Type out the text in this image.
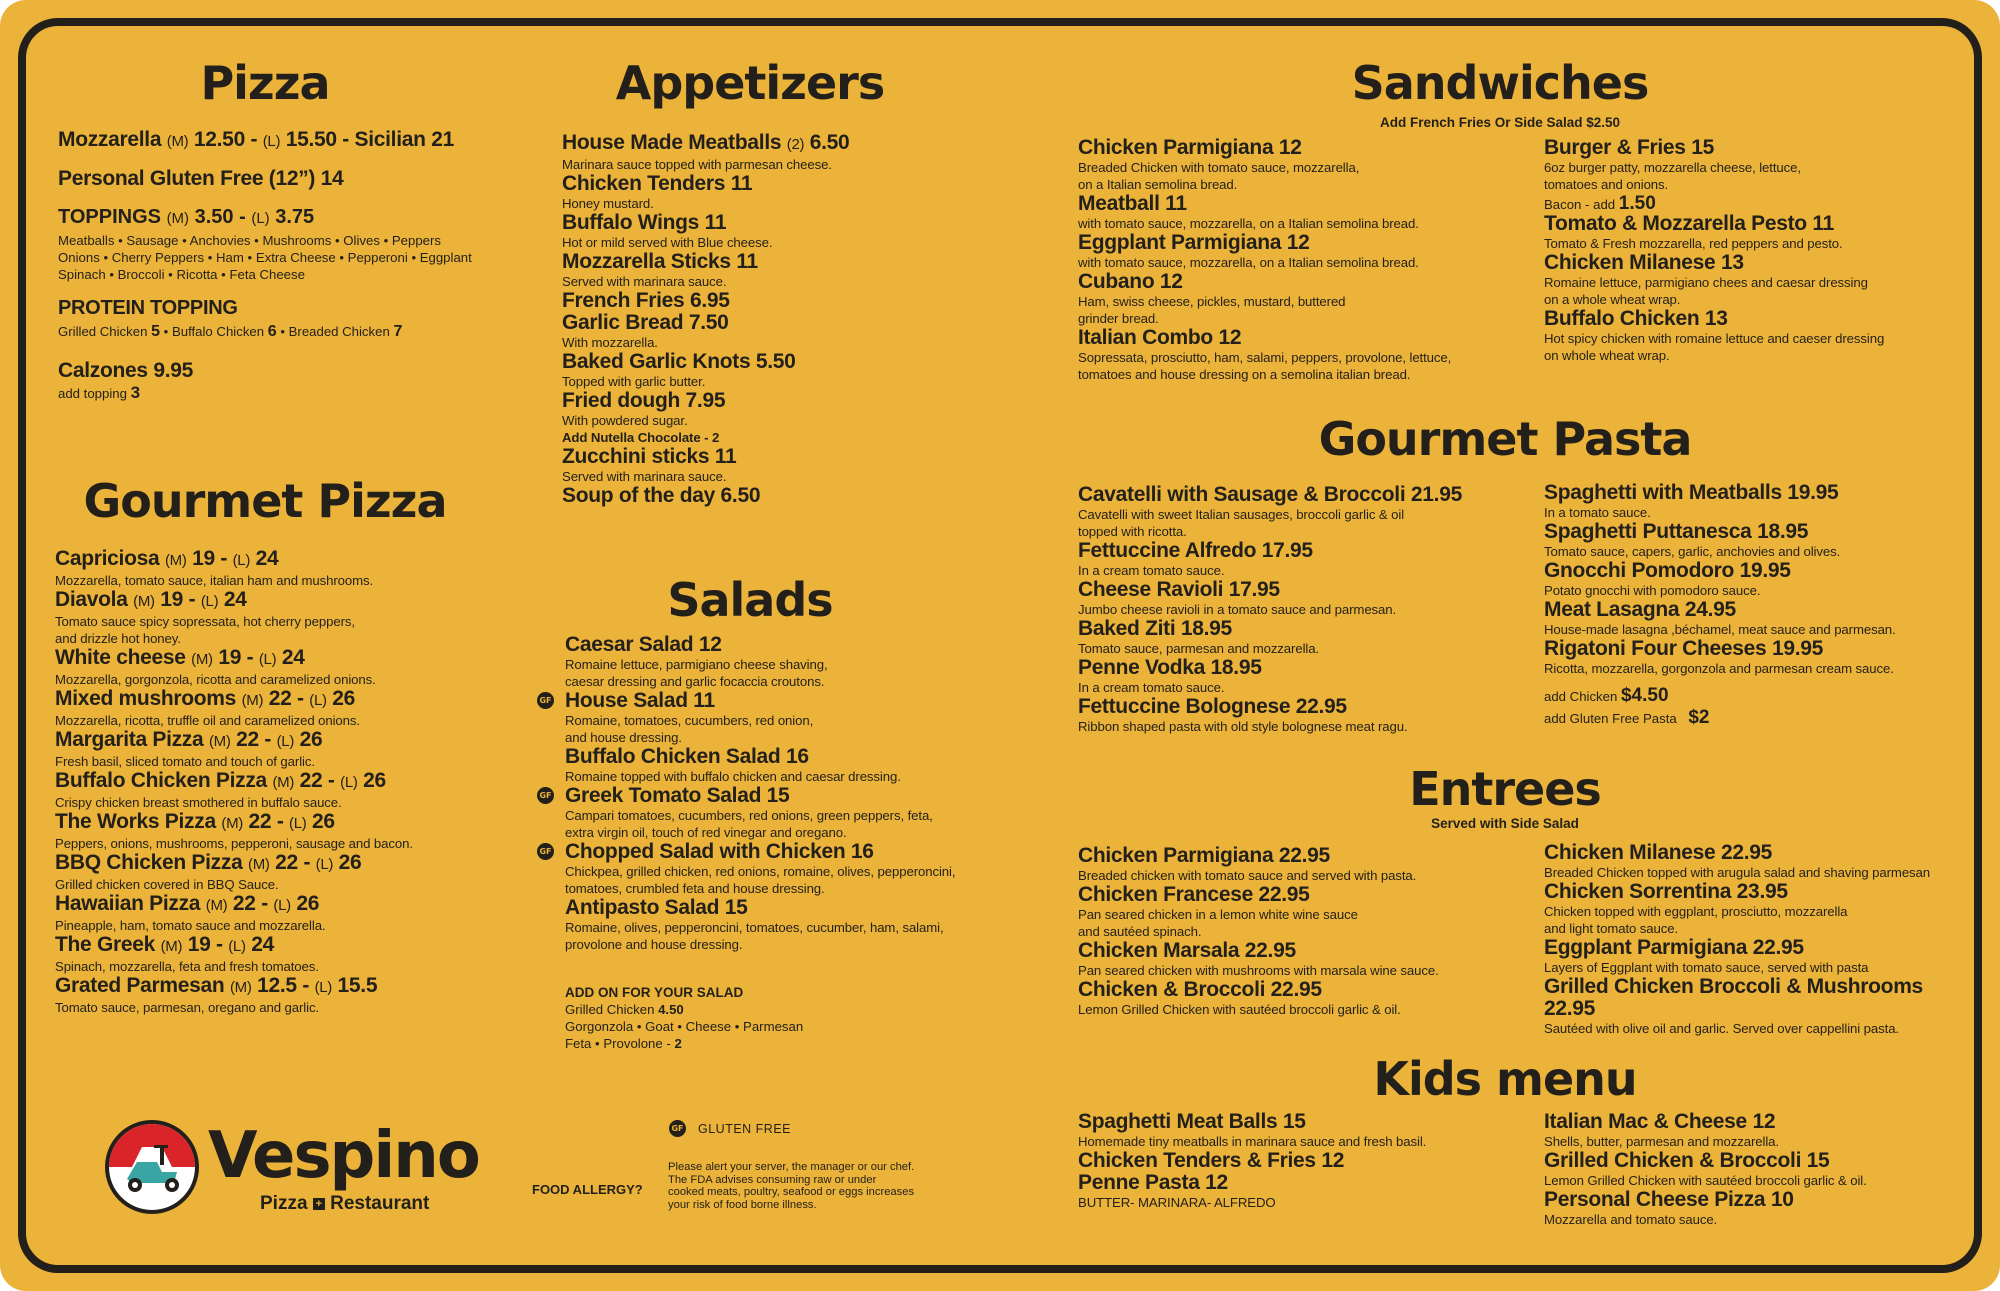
Pizza
Mozzarella (M) 12.50 - (L) 15.50 - Sicilian 21
Personal Gluten Free (12”) 14
TOPPINGS (M) 3.50 - (L) 3.75
Meatballs • Sausage • Anchovies • Mushrooms • Olives • Peppers
Onions • Cherry Peppers • Ham • Extra Cheese • Pepperoni • Eggplant
Spinach • Broccoli • Ricotta • Feta Cheese
PROTEIN TOPPING
Grilled Chicken 5 • Buffalo Chicken 6 • Breaded Chicken 7
Calzones 9.95
add topping 3
Gourmet Pizza
Capriciosa (M) 19 - (L) 24
Mozzarella, tomato sauce, italian ham and mushrooms.
Diavola (M) 19 - (L) 24
Tomato sauce spicy sopressata, hot cherry peppers,
and drizzle hot honey.
White cheese (M) 19 - (L) 24
Mozzarella, gorgonzola, ricotta and caramelized onions.
Mixed mushrooms (M) 22 - (L) 26
Mozzarella, ricotta, truffle oil and caramelized onions.
Margarita Pizza (M) 22 - (L) 26
Fresh basil, sliced tomato and touch of garlic.
Buffalo Chicken Pizza (M) 22 - (L) 26
Crispy chicken breast smothered in buffalo sauce.
The Works Pizza (M) 22 - (L) 26
Peppers, onions, mushrooms, pepperoni, sausage and bacon.
BBQ Chicken Pizza (M) 22 - (L) 26
Grilled chicken covered in BBQ Sauce.
Hawaiian Pizza (M) 22 - (L) 26
Pineapple, ham, tomato sauce and mozzarella.
The Greek (M) 19 - (L) 24
Spinach, mozzarella, feta and fresh tomatoes.
Grated Parmesan (M) 12.5 - (L) 15.5
Tomato sauce, parmesan, oregano and garlic.
Appetizers
House Made Meatballs (2) 6.50
Marinara sauce topped with parmesan cheese.
Chicken Tenders 11
Honey mustard.
Buffalo Wings 11
Hot or mild served with Blue cheese.
Mozzarella Sticks 11
Served with marinara sauce.
French Fries 6.95
Garlic Bread 7.50
With mozzarella.
Baked Garlic Knots 5.50
Topped with garlic butter.
Fried dough 7.95
With powdered sugar.
Add Nutella Chocolate - 2
Zucchini sticks 11
Served with marinara sauce.
Soup of the day 6.50
Salads
Caesar Salad 12
Romaine lettuce, parmigiano cheese shaving,
caesar dressing and garlic focaccia croutons.
House Salad 11
Romaine, tomatoes, cucumbers, red onion,
and house dressing.
GF
Buffalo Chicken Salad 16
Romaine topped with buffalo chicken and caesar dressing.
Greek Tomato Salad 15
Campari tomatoes, cucumbers, red onions, green peppers, feta,
extra virgin oil, touch of red vinegar and oregano.
GF
Chopped Salad with Chicken 16
Chickpea, grilled chicken, red onions, romaine, olives, pepperoncini,
tomatoes, crumbled feta and house dressing.
GF
Antipasto Salad 15
Romaine, olives, pepperoncini, tomatoes, cucumber, ham, salami,
provolone and house dressing.
ADD ON FOR YOUR SALAD
Grilled Chicken 4.50
Gorgonzola • Goat • Cheese • Parmesan
Feta • Provolone - 2
GF GLUTEN FREE
FOOD ALLERGY?
Please alert your server, the manager or our chef.
The FDA advises consuming raw or under
cooked meats, poultry, seafood or eggs increases
your risk of food borne illness.
Vespino
Pizza + Restaurant
Sandwiches
Add French Fries Or Side Salad $2.50
Chicken Parmigiana 12
Breaded Chicken with tomato sauce, mozzarella,
on a Italian semolina bread.
Meatball 11
with tomato sauce, mozzarella, on a Italian semolina bread.
Eggplant Parmigiana 12
with tomato sauce, mozzarella, on a Italian semolina bread.
Cubano 12
Ham, swiss cheese, pickles, mustard, buttered
grinder bread.
Italian Combo 12
Sopressata, prosciutto, ham, salami, peppers, provolone, lettuce,
tomatoes and house dressing on a semolina italian bread.
Burger & Fries 15
6oz burger patty, mozzarella cheese, lettuce,
tomatoes and onions.
Bacon - add 1.50
Tomato & Mozzarella Pesto 11
Tomato & Fresh mozzarella, red peppers and pesto.
Chicken Milanese 13
Romaine lettuce, parmigiano chees and caesar dressing
on a whole wheat wrap.
Buffalo Chicken 13
Hot spicy chicken with romaine lettuce and caeser dressing
on whole wheat wrap.
Gourmet Pasta
Cavatelli with Sausage & Broccoli 21.95
Cavatelli with sweet Italian sausages, broccoli garlic & oil
topped with ricotta.
Fettuccine Alfredo 17.95
In a cream tomato sauce.
Cheese Ravioli 17.95
Jumbo cheese ravioli in a tomato sauce and parmesan.
Baked Ziti 18.95
Tomato sauce, parmesan and mozzarella.
Penne Vodka 18.95
In a cream tomato sauce.
Fettuccine Bolognese 22.95
Ribbon shaped pasta with old style bolognese meat ragu.
Spaghetti with Meatballs 19.95
In a tomato sauce.
Spaghetti Puttanesca 18.95
Tomato sauce, capers, garlic, anchovies and olives.
Gnocchi Pomodoro 19.95
Potato gnocchi with pomodoro sauce.
Meat Lasagna 24.95
House-made lasagna ,béchamel, meat sauce and parmesan.
Rigatoni Four Cheeses 19.95
Ricotta, mozzarella, gorgonzola and parmesan cream sauce.
add Chicken $4.50
add Gluten Free Pasta $2
Entrees
Served with Side Salad
Chicken Parmigiana 22.95
Breaded chicken with tomato sauce and served with pasta.
Chicken Francese 22.95
Pan seared chicken in a lemon white wine sauce
and sautéed spinach.
Chicken Marsala 22.95
Pan seared chicken with mushrooms with marsala wine sauce.
Chicken & Broccoli 22.95
Lemon Grilled Chicken with sautéed broccoli garlic & oil.
Chicken Milanese 22.95
Breaded Chicken topped with arugula salad and shaving parmesan
Chicken Sorrentina 23.95
Chicken topped with eggplant, prosciutto, mozzarella
and light tomato sauce.
Eggplant Parmigiana 22.95
Layers of Eggplant with tomato sauce, served with pasta
Grilled Chicken Broccoli & Mushrooms 22.95
Sautéed with olive oil and garlic. Served over cappellini pasta.
Kids menu
Spaghetti Meat Balls 15
Homemade tiny meatballs in marinara sauce and fresh basil.
Chicken Tenders & Fries 12
Penne Pasta 12
BUTTER- MARINARA- ALFREDO
Italian Mac & Cheese 12
Shells, butter, parmesan and mozzarella.
Grilled Chicken & Broccoli 15
Lemon Grilled Chicken with sautéed broccoli garlic & oil.
Personal Cheese Pizza 10
Mozzarella and tomato sauce.
